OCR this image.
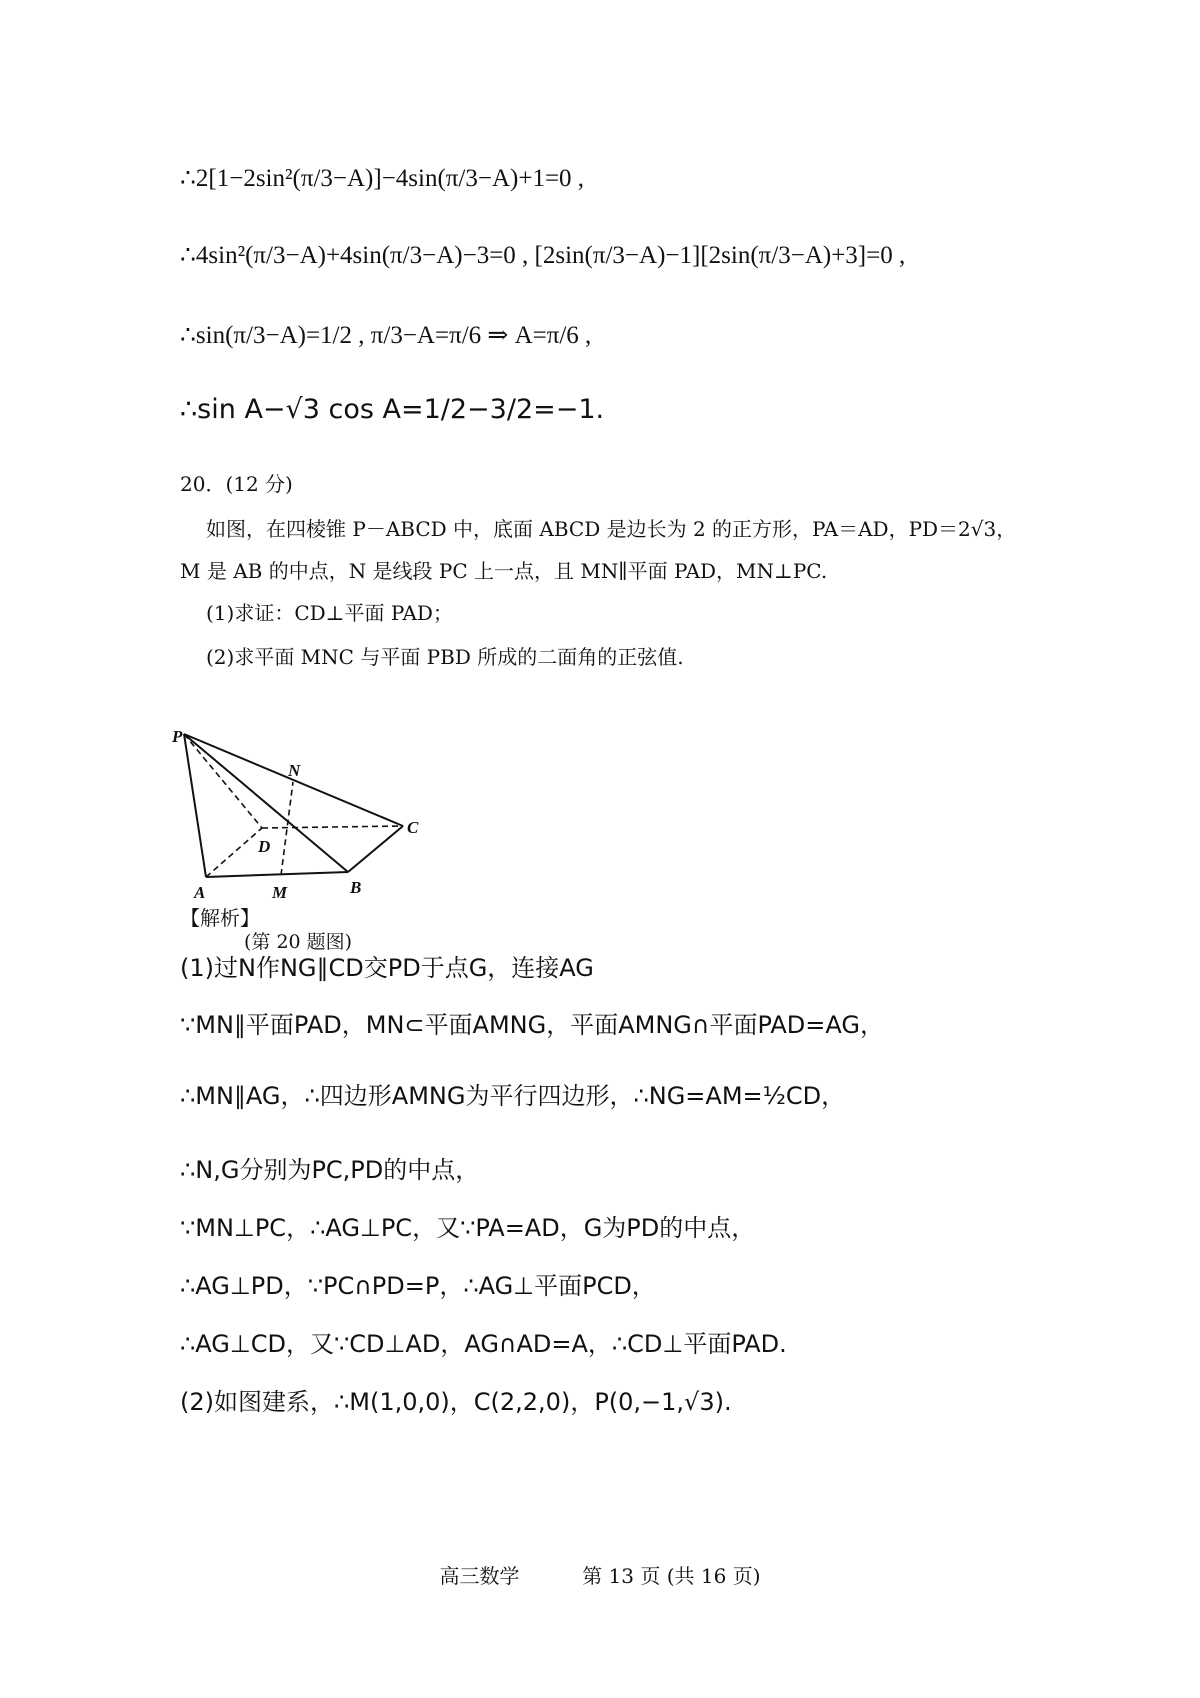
∴2[1−2sin²(π/3−A)]−4sin(π/3−A)+1=0 ,
∴4sin²(π/3−A)+4sin(π/3−A)−3=0 , [2sin(π/3−A)−1][2sin(π/3−A)+3]=0 ,
∴sin(π/3−A)=1/2 , π/3−A=π/6 ⇒ A=π/6 ,
∴sin A−√3 cos A=1/2−3/2=−1.
20．(12 分)
如图，在四棱锥 P－ABCD 中，底面 ABCD 是边长为 2 的正方形，PA＝AD，PD＝2√3，
M 是 AB 的中点，N 是线段 PC 上一点，且 MN∥平面 PAD，MN⊥PC.
(1)求证：CD⊥平面 PAD；
(2)求平面 MNC 与平面 PBD 所成的二面角的正弦值.
P
N
C
D
A	M	B
(第 20 题图)
【解析】
(1)过N作NG∥CD交PD于点G，连接AG
∵MN∥平面PAD，MN⊂平面AMNG，平面AMNG∩平面PAD=AG，
∴MN∥AG，∴四边形AMNG为平行四边形，∴NG=AM=½CD，
∴N,G分别为PC,PD的中点，
∵MN⊥PC，∴AG⊥PC，又∵PA=AD，G为PD的中点，
∴AG⊥PD，∵PC∩PD=P，∴AG⊥平面PCD，
∴AG⊥CD，又∵CD⊥AD，AG∩AD=A，∴CD⊥平面PAD.
(2)如图建系，∴M(1,0,0)，C(2,2,0)，P(0,−1,√3).
高三数学	第 13 页 (共 16 页)
